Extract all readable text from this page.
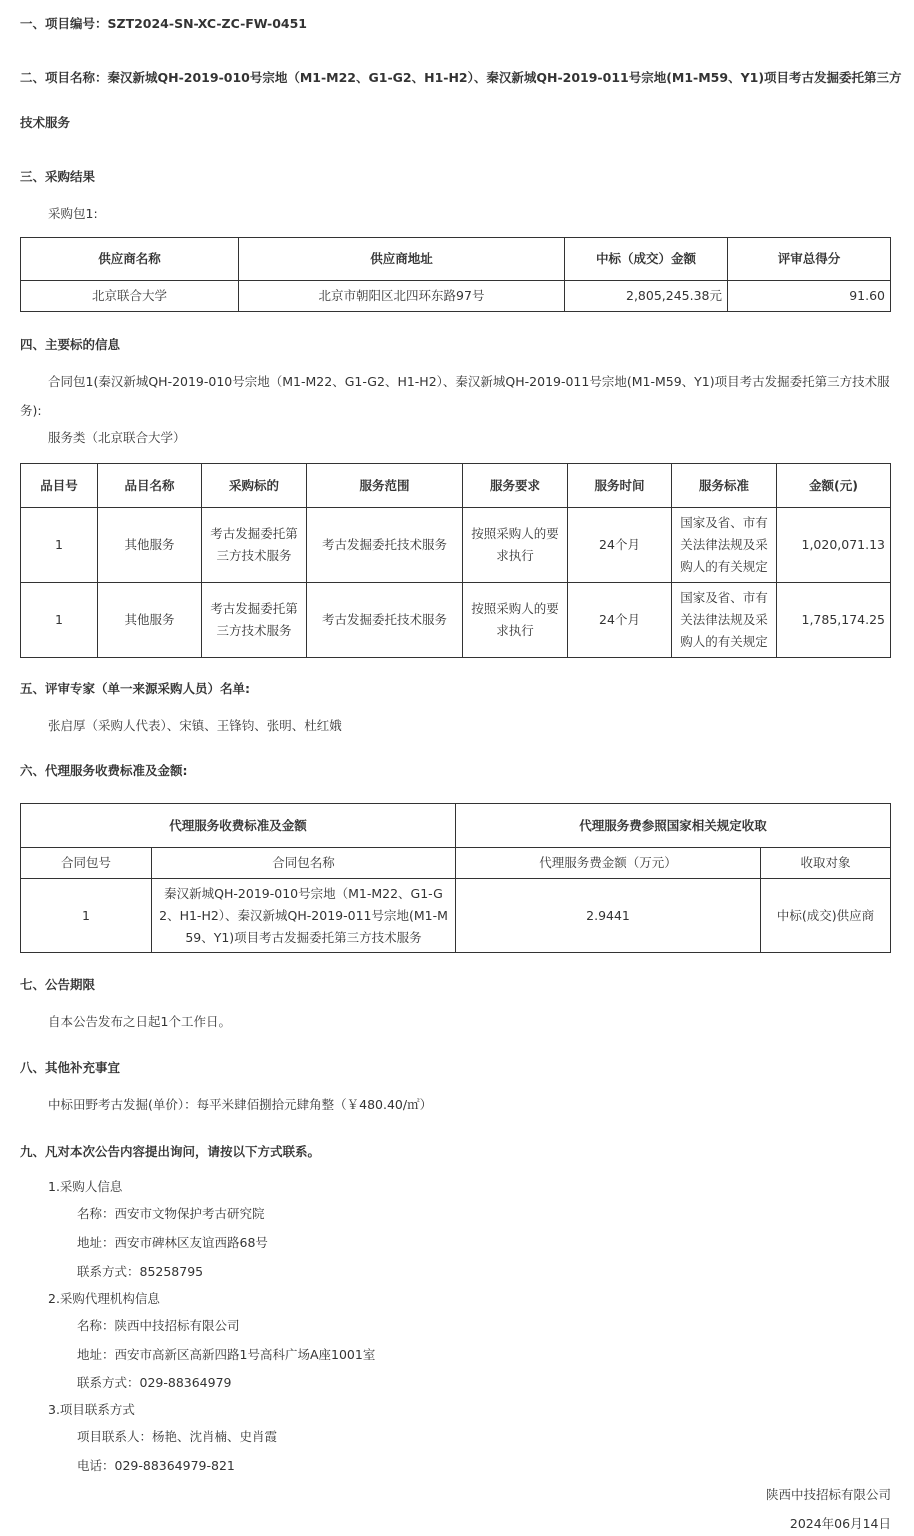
一、项目编号：SZT2024-SN-XC-ZC-FW-0451
二、项目名称：秦汉新城QH-2019-010号宗地（M1-M22、G1-G2、H1-H2）、秦汉新城QH-2019-011号宗地(M1-M59、Y1)项目考古发掘委托第三方
技术服务
三、采购结果
采购包1:
供应商名称	供应商地址	中标（成交）金额	评审总得分
北京联合大学	北京市朝阳区北四环东路97号	2,805,245.38元	91.60
四、主要标的信息
合同包1(秦汉新城QH-2019-010号宗地（M1-M22、G1-G2、H1-H2）、秦汉新城QH-2019-011号宗地(M1-M59、Y1)项目考古发掘委托第三方技术服
务):
服务类（北京联合大学）
品目号	品目名称	采购标的	服务范围	服务要求	服务时间	服务标准	金额(元)
1	其他服务	考古发掘委托第
三方技术服务	考古发掘委托技术服务	按照采购人的要
求执行	24个月	国家及省、市有
关法律法规及采
购人的有关规定	1,020,071.13
1	其他服务	考古发掘委托第
三方技术服务	考古发掘委托技术服务	按照采购人的要
求执行	24个月	国家及省、市有
关法律法规及采
购人的有关规定	1,785,174.25
五、评审专家（单一来源采购人员）名单:
张启厚（采购人代表）、宋镇、王锋钧、张明、杜红娥
六、代理服务收费标准及金额:
代理服务收费标准及金额		代理服务费参照国家相关规定收取	
合同包号	合同包名称	代理服务费金额（万元）	收取对象
1	秦汉新城QH-2019-010号宗地（M1-M22、G1-G
2、H1-H2）、秦汉新城QH-2019-011号宗地(M1-M
59、Y1)项目考古发掘委托第三方技术服务	2.9441	中标(成交)供应商
七、公告期限
自本公告发布之日起1个工作日。
八、其他补充事宜
中标田野考古发掘(单价）：每平米肆佰捌拾元肆角整（￥480.40/㎡）
九、凡对本次公告内容提出询问，请按以下方式联系。
1.采购人信息
名称：西安市文物保护考古研究院
地址：西安市碑林区友谊西路68号
联系方式：85258795
2.采购代理机构信息
名称：陕西中技招标有限公司
地址：西安市高新区高新四路1号高科广场A座1001室
联系方式：029-88364979
3.项目联系方式
项目联系人：杨艳、沈肖楠、史肖霞
电话：029-88364979-821
陕西中技招标有限公司
2024年06月14日
